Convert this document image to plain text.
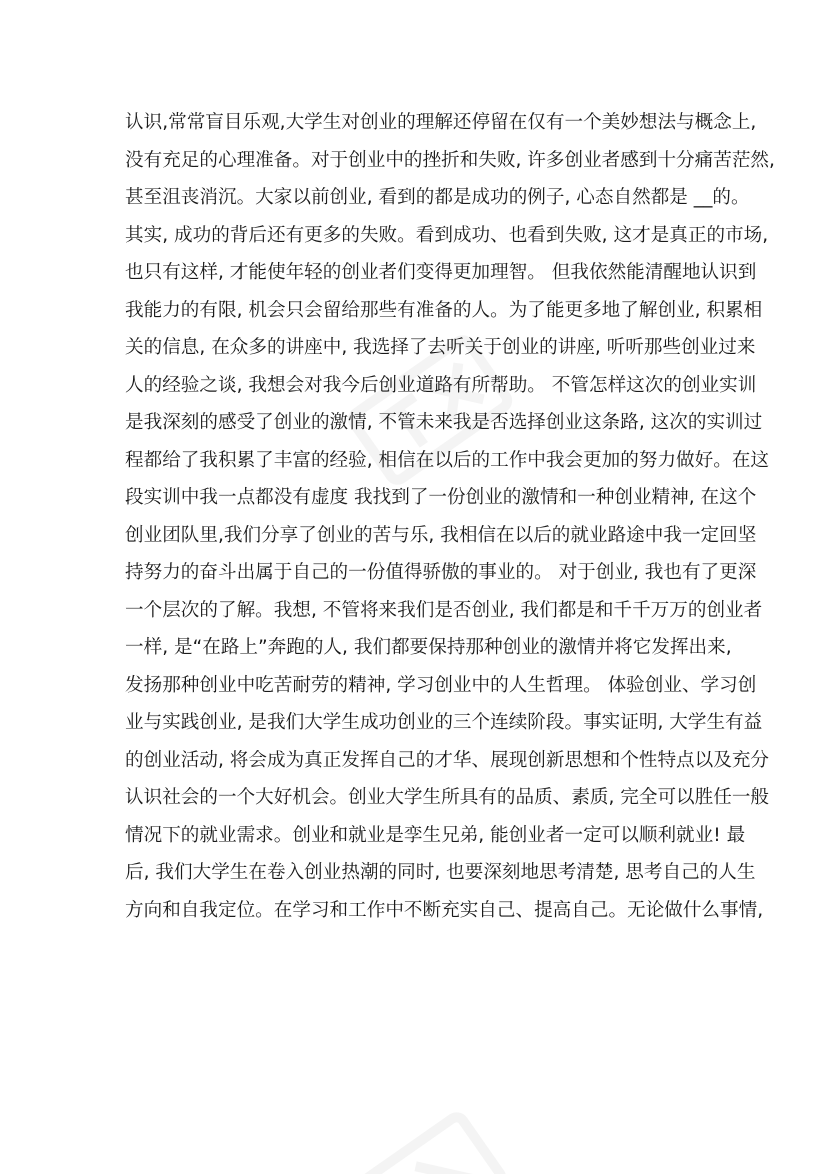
认识,常常盲目乐观,大学生对创业的理解还停留在仅有一个美妙想法与概念上,
没有充足的心理准备。对于创业中的挫折和失败, 许多创业者感到十分痛苦茫然,
甚至沮丧消沉。大家以前创业, 看到的都是成功的例子, 心态自然都是 __的。
其实, 成功的背后还有更多的失败。看到成功、也看到失败, 这才是真正的市场,
也只有这样, 才能使年轻的创业者们变得更加理智。 但我依然能清醒地认识到
我能力的有限, 机会只会留给那些有准备的人。为了能更多地了解创业, 积累相
关的信息, 在众多的讲座中, 我选择了去听关于创业的讲座, 听听那些创业过来
人的经验之谈, 我想会对我今后创业道路有所帮助。 不管怎样这次的创业实训
是我深刻的感受了创业的激情, 不管未来我是否选择创业这条路, 这次的实训过
程都给了我积累了丰富的经验, 相信在以后的工作中我会更加的努力做好。在这
段实训中我一点都没有虚度 我找到了一份创业的激情和一种创业精神, 在这个
创业团队里,我们分享了创业的苦与乐, 我相信在以后的就业路途中我一定回坚
持努力的奋斗出属于自己的一份值得骄傲的事业的。 对于创业, 我也有了更深
一个层次的了解。我想, 不管将来我们是否创业, 我们都是和千千万万的创业者
一样, 是“在路上”奔跑的人, 我们都要保持那种创业的激情并将它发挥出来,
发扬那种创业中吃苦耐劳的精神, 学习创业中的人生哲理。 体验创业、学习创
业与实践创业, 是我们大学生成功创业的三个连续阶段。事实证明, 大学生有益
的创业活动, 将会成为真正发挥自己的才华、展现创新思想和个性特点以及充分
认识社会的一个大好机会。创业大学生所具有的品质、素质, 完全可以胜任一般
情况下的就业需求。创业和就业是孪生兄弟, 能创业者一定可以顺利就业! 最
后, 我们大学生在卷入创业热潮的同时, 也要深刻地思考清楚, 思考自己的人生
方向和自我定位。在学习和工作中不断充实自己、提高自己。无论做什么事情,
